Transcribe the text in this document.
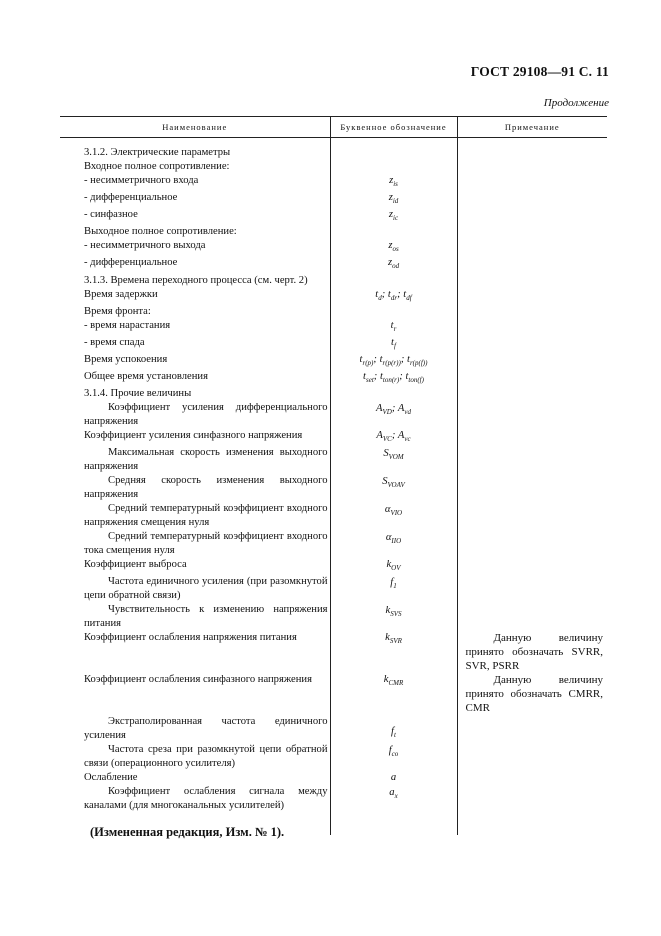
ГОСТ 29108—91 С. 11
Продолжение
Наименование	Буквенное обозначение	Примечание

3.1.2. Электрические параметры		
Входное полное сопротивление:		
- несимметричного входа	$z_{is}$	
- дифференциальное	$z_{id}$	
- синфазное	$z_{ic}$	
Выходное полное сопротивление:		
- несимметричного выхода	$z_{os}$	
- дифференциальное	$z_{od}$	
3.1.3. Времена переходного процесса (см. черт. 2)		
Время задержки	$t_d$; $t_{dr}$; $t_{df}$	
Время фронта:		
- время нарастания	$t_r$	
- время спада	$t_f$	
Время успокоения	$t_{r(p)}$; $t_{r(p(r))}$; $t_{r(p(f))}$	
Общее время установления	$t_{set}$; $t_{ton(r)}$; $t_{ton(f)}$	
3.1.4. Прочие величины		
Коэффициент усиления дифференциального напряжения	$A_{VD}$; $A_{vd}$	
Коэффициент усиления синфазного напряжения	$A_{VC}$; $A_{vc}$	
Максимальная скорость изменения выходного напряжения	$S_{VOM}$	
Средняя скорость изменения выходного напряжения	$S_{VOAV}$	
Средний температурный коэффициент входного напряжения смещения нуля	$\alpha_{VIO}$	
Средний температурный коэффициент входного тока смещения нуля	$\alpha_{IIO}$	
Коэффициент выброса	$k_{OV}$	
Частота единичного усиления (при разомкнутой цепи обратной связи)	$f_1$	
Чувствительность к изменению напряжения питания	$k_{SVS}$	
Коэффициент ослабления напряжения питания	$k_{SVR}$	Данную величину принято обозначать SVRR, SVR, PSRR

Коэффициент ослабления синфазного напряжения	$k_{CMR}$	Данную величину принято обозначать CMRR, CMR

Экстраполированная частота единичного усиления	$f_t$	
Частота среза при разомкнутой цепи обратной связи (операционного усилителя)	$f_{co}$	
Ослабление	a	
Коэффициент ослабления сигнала между каналами (для многоканальных усилителей)	$a_x$	

(Измененная редакция, Изм. № 1).
